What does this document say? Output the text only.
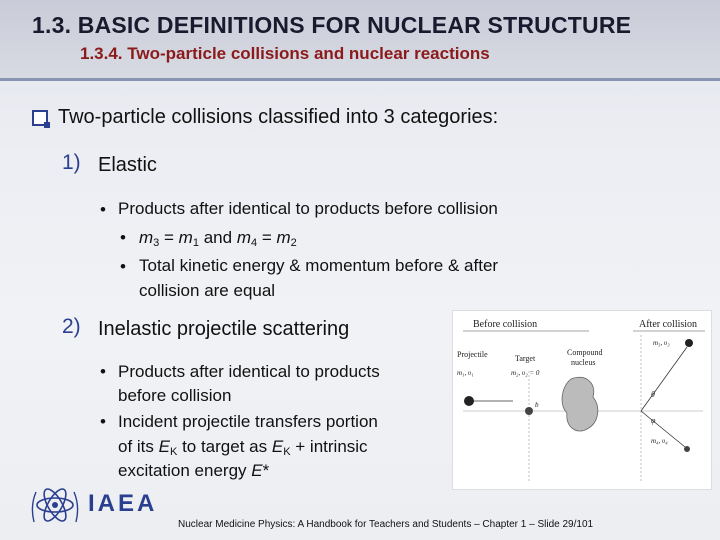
1.3. BASIC DEFINITIONS FOR NUCLEAR STRUCTURE
1.3.4. Two-particle collisions and nuclear reactions
Two-particle collisions classified into 3 categories:
1) Elastic
• Products after identical to products before collision
• $m_3 = m_1$ and $m_4 = m_2$
• Total kinetic energy & momentum before & after
collision are equal
2) Inelastic projectile scattering
• Products after identical to products
before collision
• Incident projectile transfers portion
of its $E_K$ to target as $E_K$ + intrinsic
excitation energy E*
Before collision	After collision
Projectile	Target
Compound
nucleus
m₁, υ₁	m₂, υ₂ = 0
m₃, υ₃
m₄, υ₄
b
θ
φ
IAEA
Nuclear Medicine Physics: A Handbook for Teachers and Students – Chapter 1 – Slide 29/101
